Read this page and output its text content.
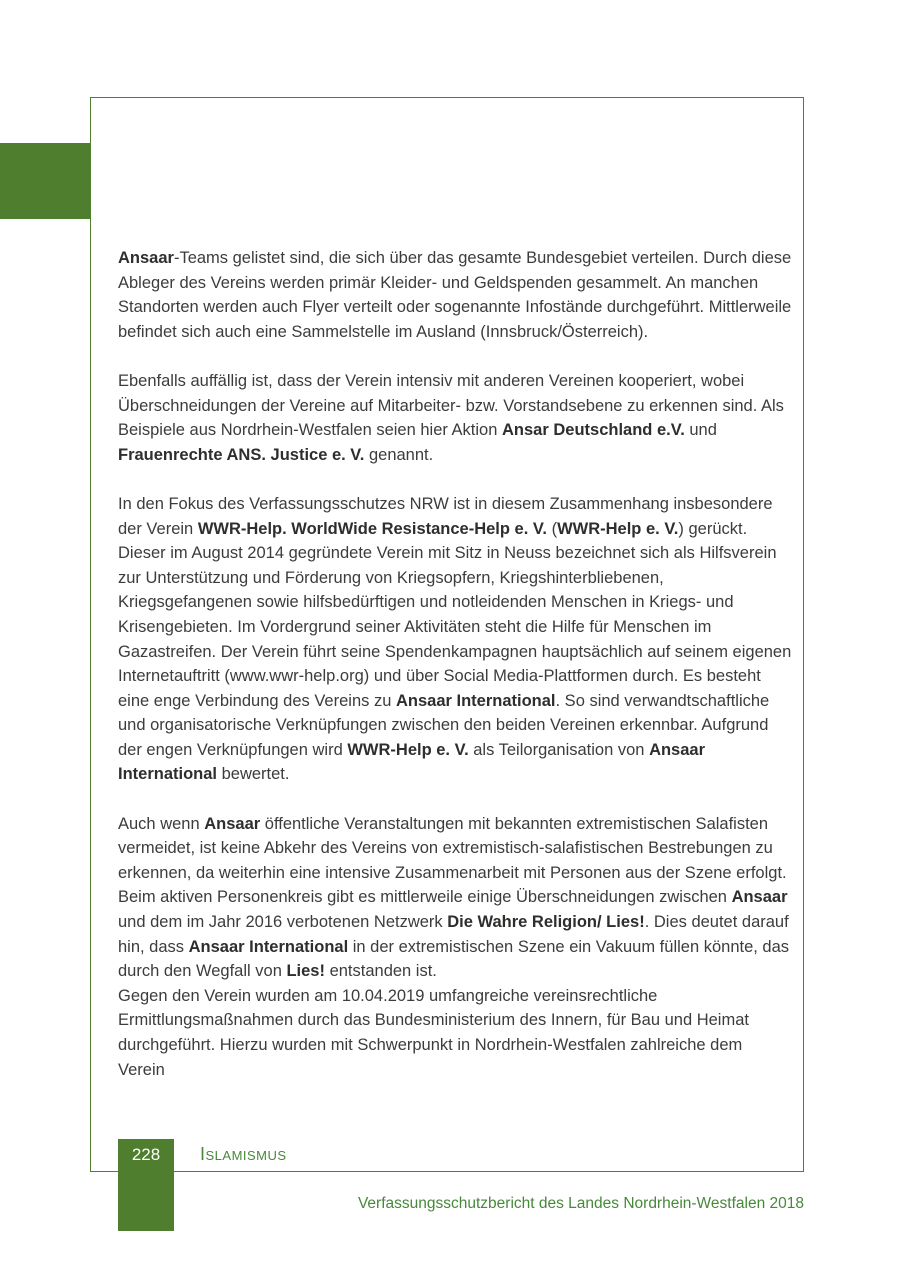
Ansaar-Teams gelistet sind, die sich über das gesamte Bundesgebiet verteilen. Durch diese Ableger des Vereins werden primär Kleider- und Geldspenden gesammelt. An manchen Standorten werden auch Flyer verteilt oder sogenannte Infostände durchgeführt. Mittlerweile befindet sich auch eine Sammelstelle im Ausland (Innsbruck/Österreich).

Ebenfalls auffällig ist, dass der Verein intensiv mit anderen Vereinen kooperiert, wobei Überschneidungen der Vereine auf Mitarbeiter- bzw. Vorstandsebene zu erkennen sind. Als Beispiele aus Nordrhein-Westfalen seien hier Aktion Ansar Deutschland e.V. und Frauenrechte ANS. Justice e. V. genannt.

In den Fokus des Verfassungsschutzes NRW ist in diesem Zusammenhang insbesondere der Verein WWR-Help. WorldWide Resistance-Help e. V. (WWR-Help e. V.) gerückt. Dieser im August 2014 gegründete Verein mit Sitz in Neuss bezeichnet sich als Hilfsverein zur Unterstützung und Förderung von Kriegsopfern, Kriegshinterbliebenen, Kriegsgefangenen sowie hilfsbedürftigen und notleidenden Menschen in Kriegs- und Krisengebieten. Im Vordergrund seiner Aktivitäten steht die Hilfe für Menschen im Gazastreifen. Der Verein führt seine Spendenkampagnen hauptsächlich auf seinem eigenen Internetauftritt (www.wwr-help.org) und über Social Media-Plattformen durch. Es besteht eine enge Verbindung des Vereins zu Ansaar International. So sind verwandtschaftliche und organisatorische Verknüpfungen zwischen den beiden Vereinen erkennbar. Aufgrund der engen Verknüpfungen wird WWR-Help e. V. als Teilorganisation von Ansaar International bewertet.

Auch wenn Ansaar öffentliche Veranstaltungen mit bekannten extremistischen Salafisten vermeidet, ist keine Abkehr des Vereins von extremistisch-salafistischen Bestrebungen zu erkennen, da weiterhin eine intensive Zusammenarbeit mit Personen aus der Szene erfolgt. Beim aktiven Personenkreis gibt es mittlerweile einige Überschneidungen zwischen Ansaar und dem im Jahr 2016 verbotenen Netzwerk Die Wahre Religion/ Lies!. Dies deutet darauf hin, dass Ansaar International in der extremistischen Szene ein Vakuum füllen könnte, das durch den Wegfall von Lies! entstanden ist.

Gegen den Verein wurden am 10.04.2019 umfangreiche vereinsrechtliche Ermittlungsmaßnahmen durch das Bundesministerium des Innern, für Bau und Heimat durchgeführt. Hierzu wurden mit Schwerpunkt in Nordrhein-Westfalen zahlreiche dem Verein

228 Islamismus
Verfassungsschutzbericht des Landes Nordrhein-Westfalen 2018
